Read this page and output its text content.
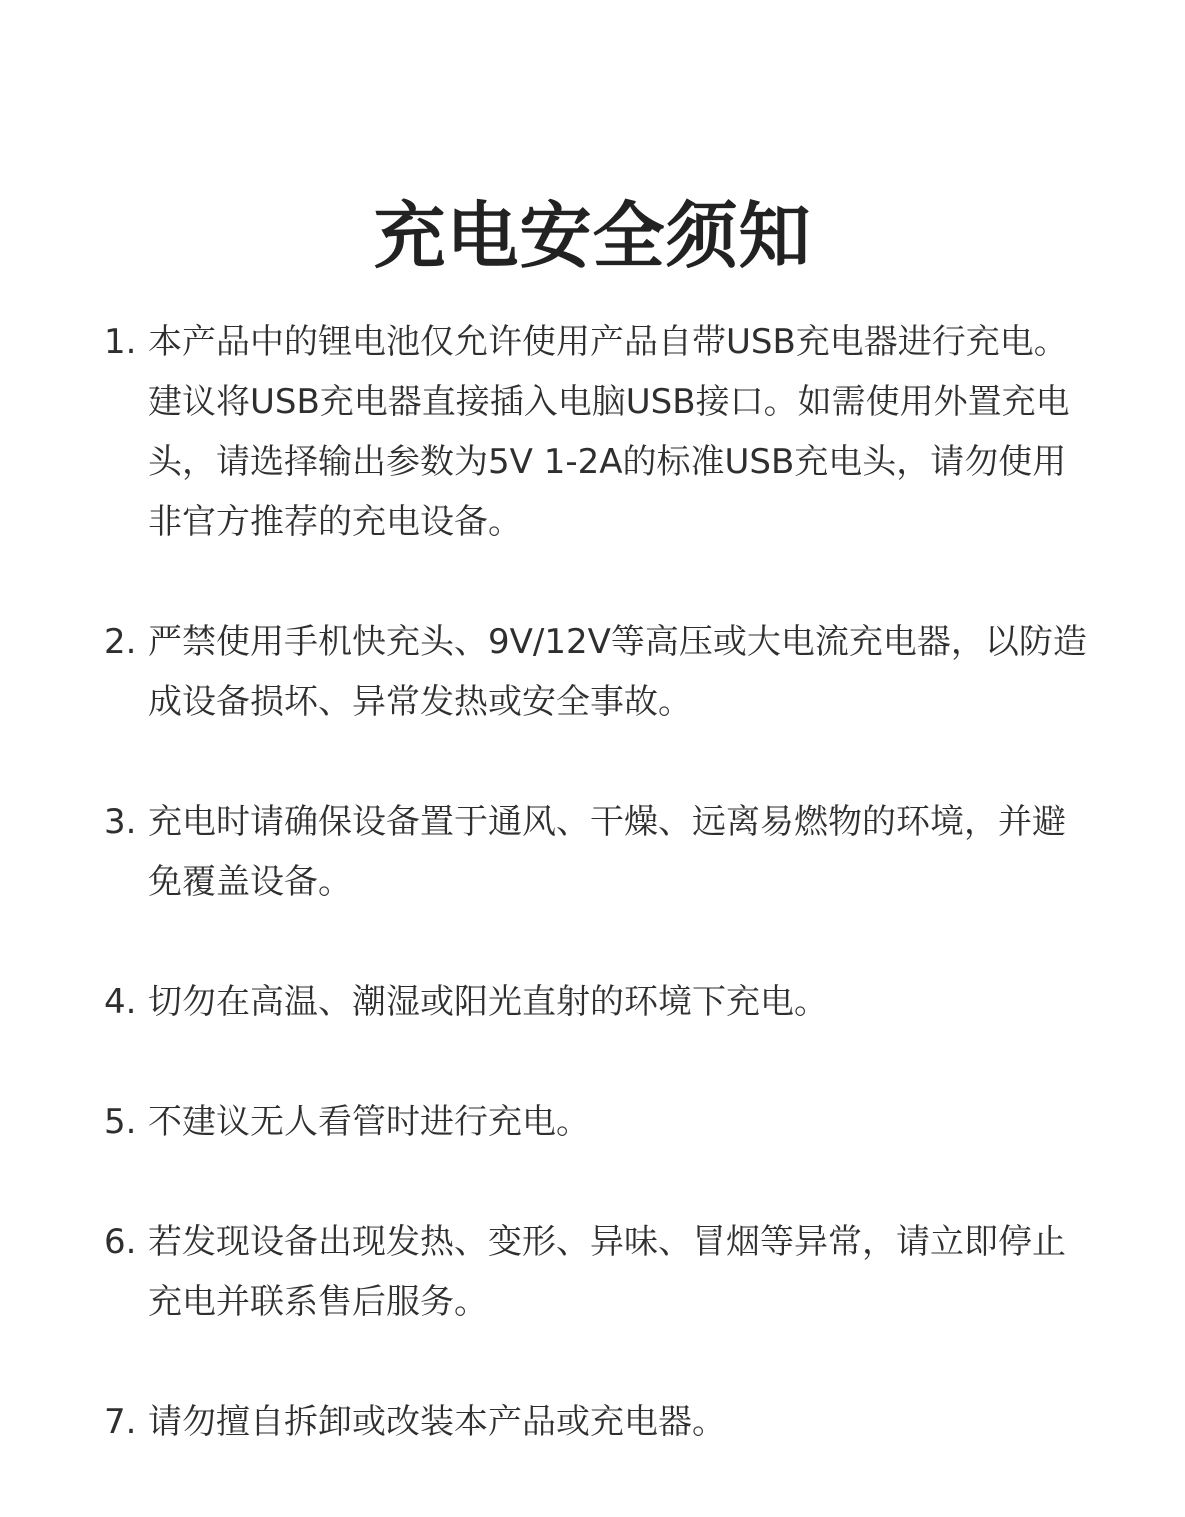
充电安全须知
1. 本产品中的锂电池仅允许使用产品自带USB充电器进行充电。建议将USB充电器直接插入电脑USB接口。如需使用外置充电头，请选择输出参数为5V 1-2A的标准USB充电头，请勿使用非官方推荐的充电设备。
2. 严禁使用手机快充头、9V/12V等高压或大电流充电器，以防造成设备损坏、异常发热或安全事故。
3. 充电时请确保设备置于通风、干燥、远离易燃物的环境，并避免覆盖设备。
4. 切勿在高温、潮湿或阳光直射的环境下充电。
5. 不建议无人看管时进行充电。
6. 若发现设备出现发热、变形、异味、冒烟等异常，请立即停止充电并联系售后服务。
7. 请勿擅自拆卸或改装本产品或充电器。
